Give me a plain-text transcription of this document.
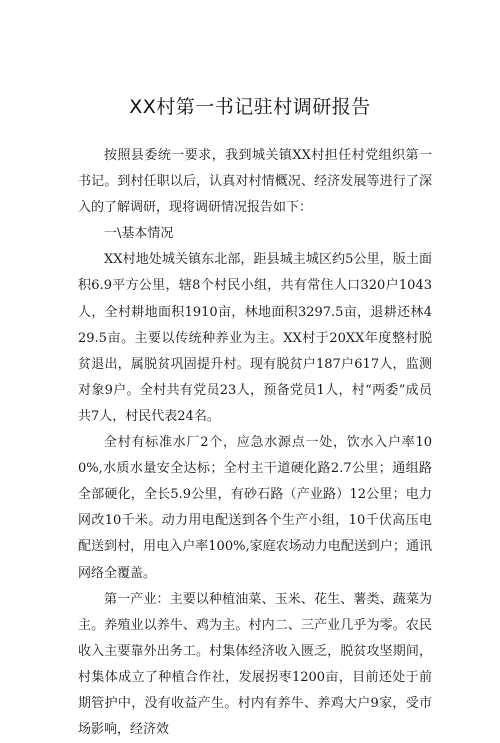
XX村第一书记驻村调研报告

按照县委统一要求，我到城关镇XX村担任村党组织第一书记。到村任职以后，认真对村情概况、经济发展等进行了深入的了解调研，现将调研情况报告如下：

一\基本情况

XX村地处城关镇东北部，距县城主城区约5公里，版土面积6.9平方公里，辖8个村民小组，共有常住人口320户1043人，全村耕地面积1910亩，林地面积3297.5亩，退耕还林429.5亩。主要以传统种养业为主。XX村于20XX年度整村脱贫退出，属脱贫巩固提升村。现有脱贫户187户617人，监测对象9户。全村共有党员23人，预备党员1人，村“两委”成员共7人，村民代表24名。

全村有标准水厂2个，应急水源点一处，饮水入户率100%,水质水量安全达标；全村主干道硬化路2.7公里；通组路全部硬化，全长5.9公里，有砂石路（产业路）12公里；电力网改10千米。动力用电配送到各个生产小组，10千伏高压电配送到村，用电入户率100%,家庭农场动力电配送到户；通讯网络全覆盖。

第一产业：主要以种植油菜、玉米、花生、薯类、蔬菜为主。养殖业以养牛、鸡为主。村内二、三产业几乎为零。农民收入主要靠外出务工。村集体经济收入匮乏，脱贫攻坚期间，村集体成立了种植合作社，发展拐枣1200亩，目前还处于前期管护中，没有收益产生。村内有养牛、养鸡大户9家，受市场影响，经济效
